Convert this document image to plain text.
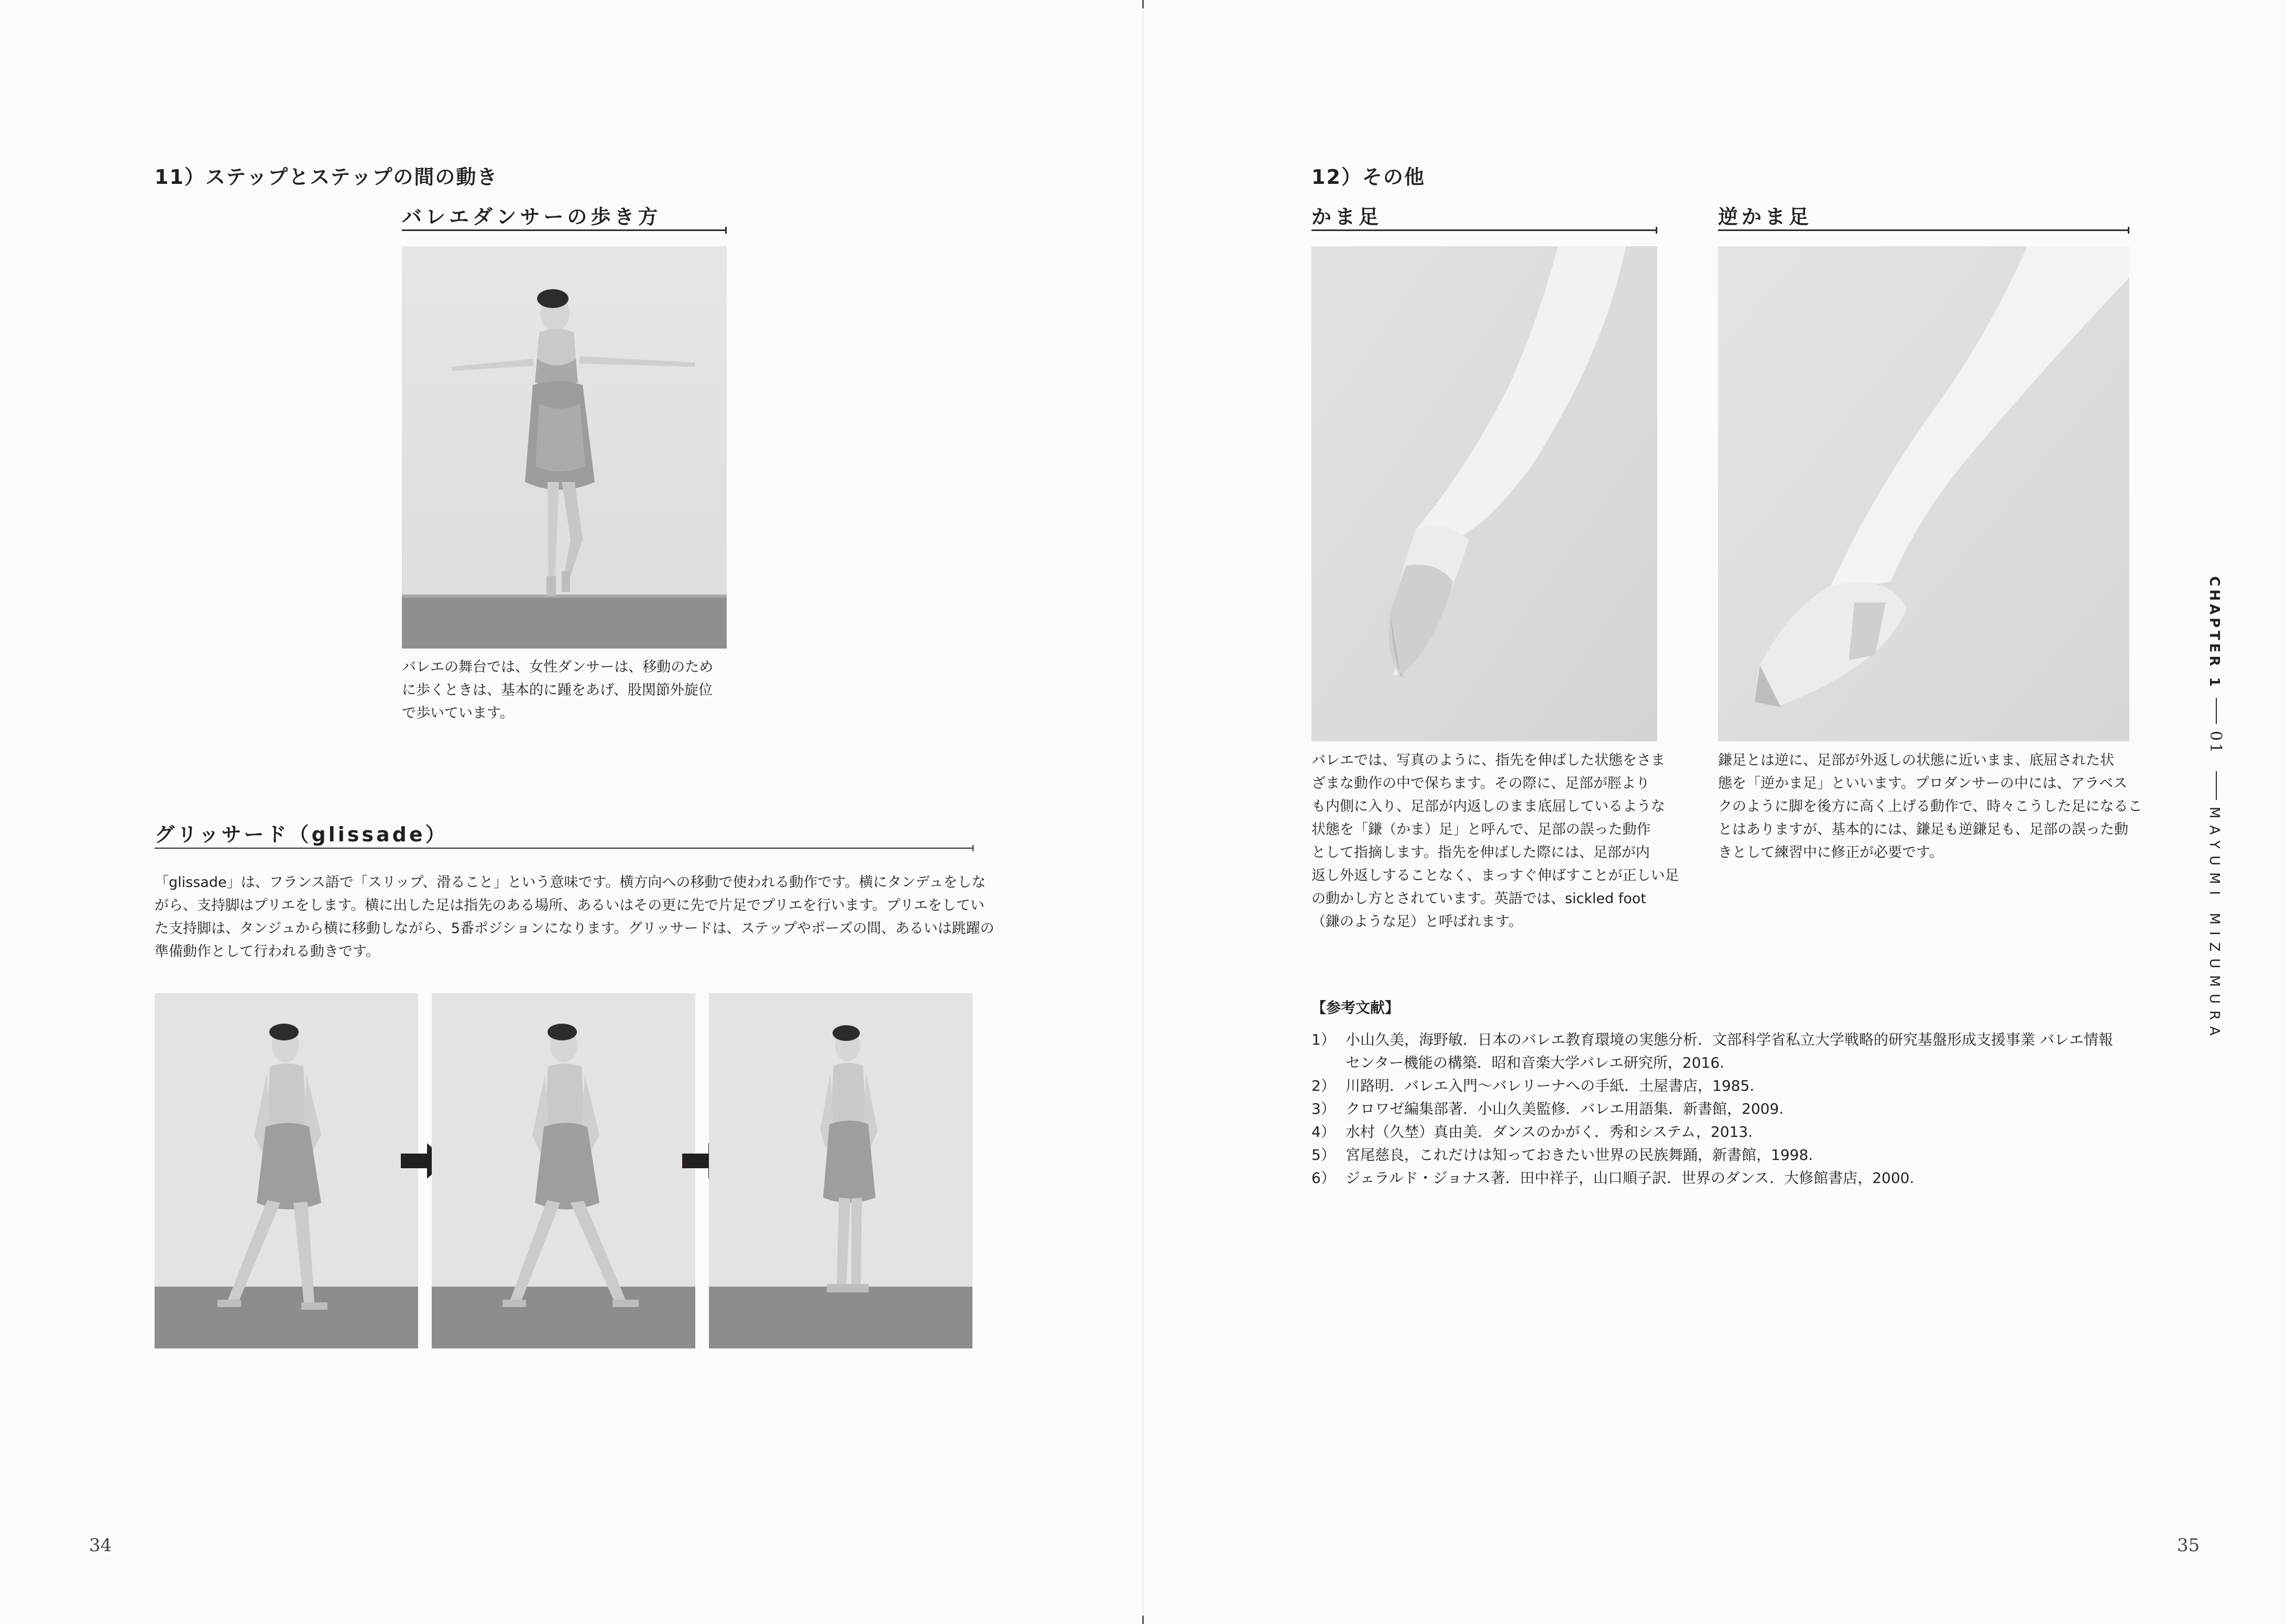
11）ステップとステップの間の動き
バレエダンサーの歩き方
バレエの舞台では、女性ダンサーは、移動のため
に歩くときは、基本的に踵をあげ、股関節外旋位
で歩いています。
グリッサード（glissade）
「glissade」は、フランス語で「スリップ、滑ること」という意味です。横方向への移動で使われる動作です。横にタンデュをしな
がら、支持脚はプリエをします。横に出した足は指先のある場所、あるいはその更に先で片足でプリエを行います。プリエをしてい
た支持脚は、タンジュから横に移動しながら、5番ポジションになります。グリッサードは、ステップやポーズの間、あるいは跳躍の
準備動作として行われる動きです。
34
12）その他
かま足	逆かま足
バレエでは、写真のように、指先を伸ばした状態をさま
ざまな動作の中で保ちます。その際に、足部が脛より
も内側に入り、足部が内返しのまま底屈しているような
状態を「鎌（かま）足」と呼んで、足部の誤った動作
として指摘します。指先を伸ばした際には、足部が内
返し外返しすることなく、まっすぐ伸ばすことが正しい足
の動かし方とされています。英語では、sickled foot
（鎌のような足）と呼ばれます。
鎌足とは逆に、足部が外返しの状態に近いまま、底屈された状
態を「逆かま足」といいます。プロダンサーの中には、アラベス
クのように脚を後方に高く上げる動作で、時々こうした足になるこ
とはありますが、基本的には、鎌足も逆鎌足も、足部の誤った動
きとして練習中に修正が必要です。
【参考文献】
1） 小山久美，海野敏．日本のバレエ教育環境の実態分析．文部科学省私立大学戦略的研究基盤形成支援事業 バレエ情報
センター機能の構築．昭和音楽大学バレエ研究所，2016.
2） 川路明．バレエ入門〜バレリーナへの手紙．土屋書店，1985.
3） クロワゼ編集部著．小山久美監修．バレエ用語集．新書館，2009.
4） 水村（久埜）真由美．ダンスのかがく．秀和システム，2013.
5） 宮尾慈良，これだけは知っておきたい世界の民族舞踊，新書館，1998.
6） ジェラルド・ジョナス著．田中祥子，山口順子訳．世界のダンス．大修館書店，2000.
CHAPTER 1
01
MAYUMI MIZUMURA
35
